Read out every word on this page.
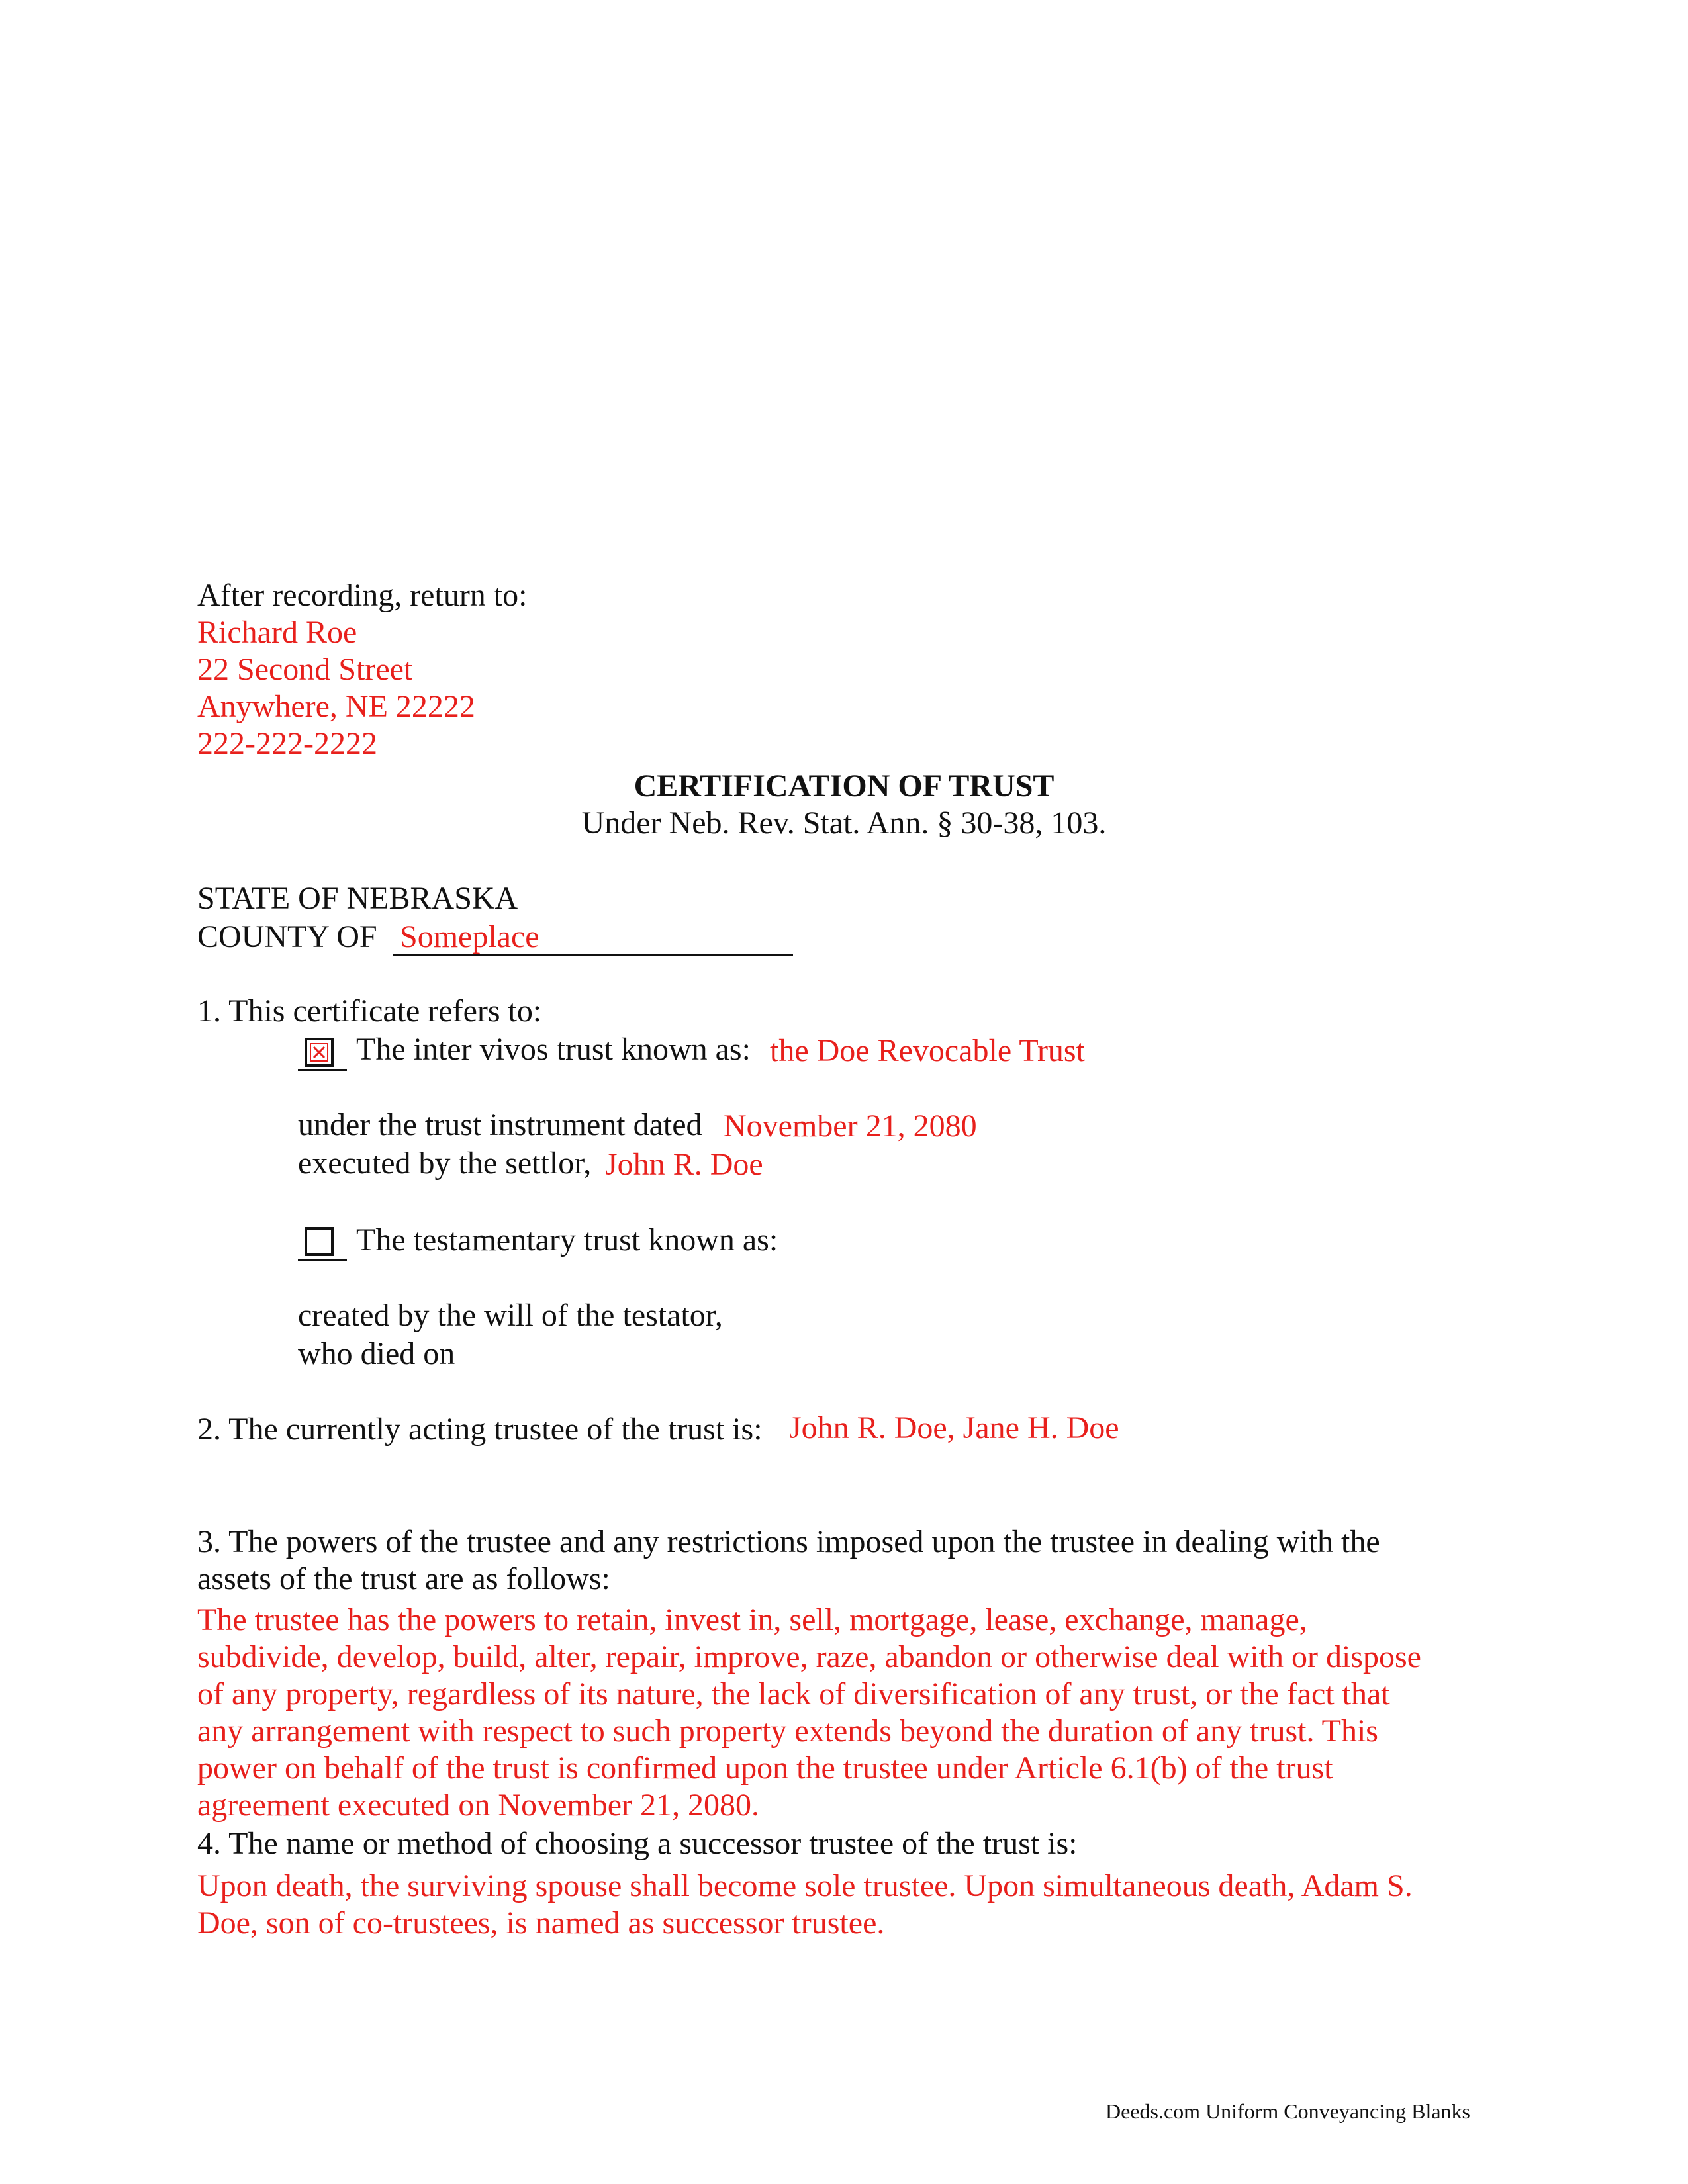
After recording, return to:
Richard Roe
22 Second Street
Anywhere, NE 22222
222-222-2222
CERTIFICATION OF TRUST
Under Neb. Rev. Stat. Ann. § 30-38, 103.
STATE OF NEBRASKA
COUNTY OF Someplace
1. This certificate refers to:
The inter vivos trust known as: the Doe Revocable Trust
under the trust instrument dated November 21, 2080
executed by the settlor, John R. Doe
The testamentary trust known as:
created by the will of the testator,
who died on
2. The currently acting trustee of the trust is: John R. Doe, Jane H. Doe
3. The powers of the trustee and any restrictions imposed upon the trustee in dealing with the
assets of the trust are as follows:
The trustee has the powers to retain, invest in, sell, mortgage, lease, exchange, manage,
subdivide, develop, build, alter, repair, improve, raze, abandon or otherwise deal with or dispose
of any property, regardless of its nature, the lack of diversification of any trust, or the fact that
any arrangement with respect to such property extends beyond the duration of any trust. This
power on behalf of the trust is confirmed upon the trustee under Article 6.1(b) of the trust
agreement executed on November 21, 2080.
4. The name or method of choosing a successor trustee of the trust is:
Upon death, the surviving spouse shall become sole trustee. Upon simultaneous death, Adam S.
Doe, son of co-trustees, is named as successor trustee.
Deeds.com Uniform Conveyancing Blanks
